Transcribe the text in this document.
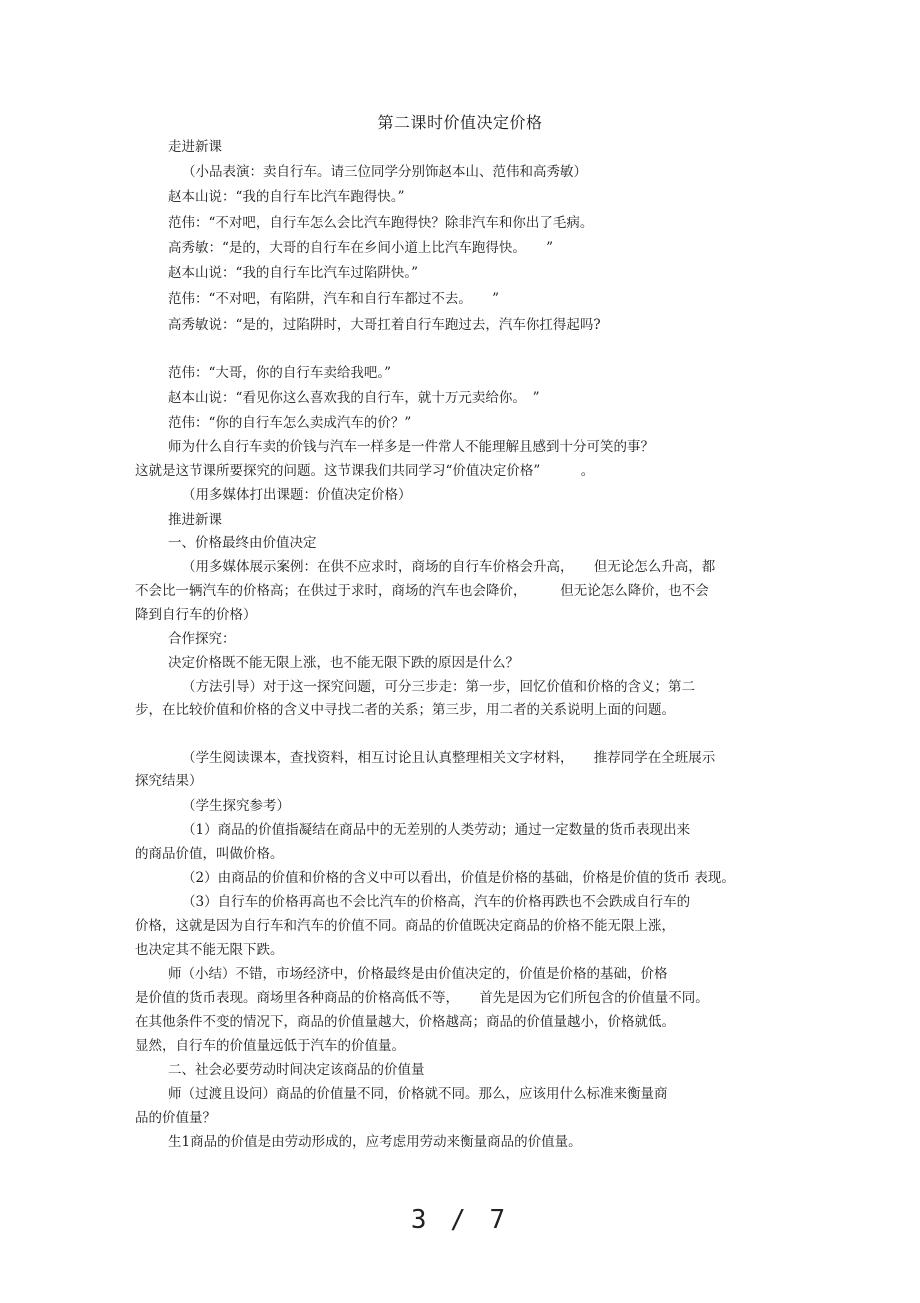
第二课时价值决定价格
走进新课
（小品表演：卖自行车。请三位同学分别饰赵本山、范伟和高秀敏）
赵本山说：“我的自行车比汽车跑得快。”
范伟：“不对吧，自行车怎么会比汽车跑得快？除非汽车和你出了毛病。
高秀敏：“是的，大哥的自行车在乡间小道上比汽车跑得快。　　”
赵本山说：“我的自行车比汽车过陷阱快。”
范伟：“不对吧，有陷阱，汽车和自行车都过不去。　　”
高秀敏说：“是的，过陷阱时，大哥扛着自行车跑过去，汽车你扛得起吗?
范伟：“大哥，你的自行车卖给我吧。”
赵本山说：“看见你这么喜欢我的自行车，就十万元卖给你。　”
范伟：“你的自行车怎么卖成汽车的价？”
师为什么自行车卖的价钱与汽车一样多是一件常人不能理解且感到十分可笑的事？
这就是这节课所要探究的问题。这节课我们共同学习“价值决定价格”　　　。
（用多媒体打出课题：价值决定价格）
推进新课
一、价格最终由价值决定
（用多媒体展示案例：在供不应求时，商场的自行车价格会升高，　　但无论怎么升高，都
不会比一辆汽车的价格高；在供过于求时，商场的汽车也会降价，　　　但无论怎么降价，也不会
降到自行车的价格）
合作探究：
决定价格既不能无限上涨，也不能无限下跌的原因是什么？
（方法引导）对于这一探究问题，可分三步走：第一步，回忆价值和价格的含义；第二
步，在比较价值和价格的含义中寻找二者的关系；第三步，用二者的关系说明上面的问题。
（学生阅读课本，查找资料，相互讨论且认真整理相关文字材料，　　推荐同学在全班展示
探究结果）
（学生探究参考）
（1）商品的价值指凝结在商品中的无差别的人类劳动；通过一定数量的货币表现出来
的商品价值，叫做价格。
（2）由商品的价值和价格的含义中可以看出，价值是价格的基础，价格是价值的货币 表现。
（3）自行车的价格再高也不会比汽车的价格高，汽车的价格再跌也不会跌成自行车的
价格，这就是因为自行车和汽车的价值不同。商品的价值既决定商品的价格不能无限上涨，
也决定其不能无限下跌。
师（小结）不错，市场经济中，价格最终是由价值决定的，价值是价格的基础，价格
是价值的货币表现。商场里各种商品的价格高低不等，　　首先是因为它们所包含的价值量不同。
在其他条件不变的情况下，商品的价值量越大，价格越高；商品的价值量越小，价格就低。
显然，自行车的价值量远低于汽车的价值量。
二、社会必要劳动时间决定该商品的价值量
师（过渡且设问）商品的价值量不同，价格就不同。那么，应该用什么标准来衡量商
品的价值量？
生1商品的价值是由劳动形成的，应考虑用劳动来衡量商品的价值量。
3 / 7
